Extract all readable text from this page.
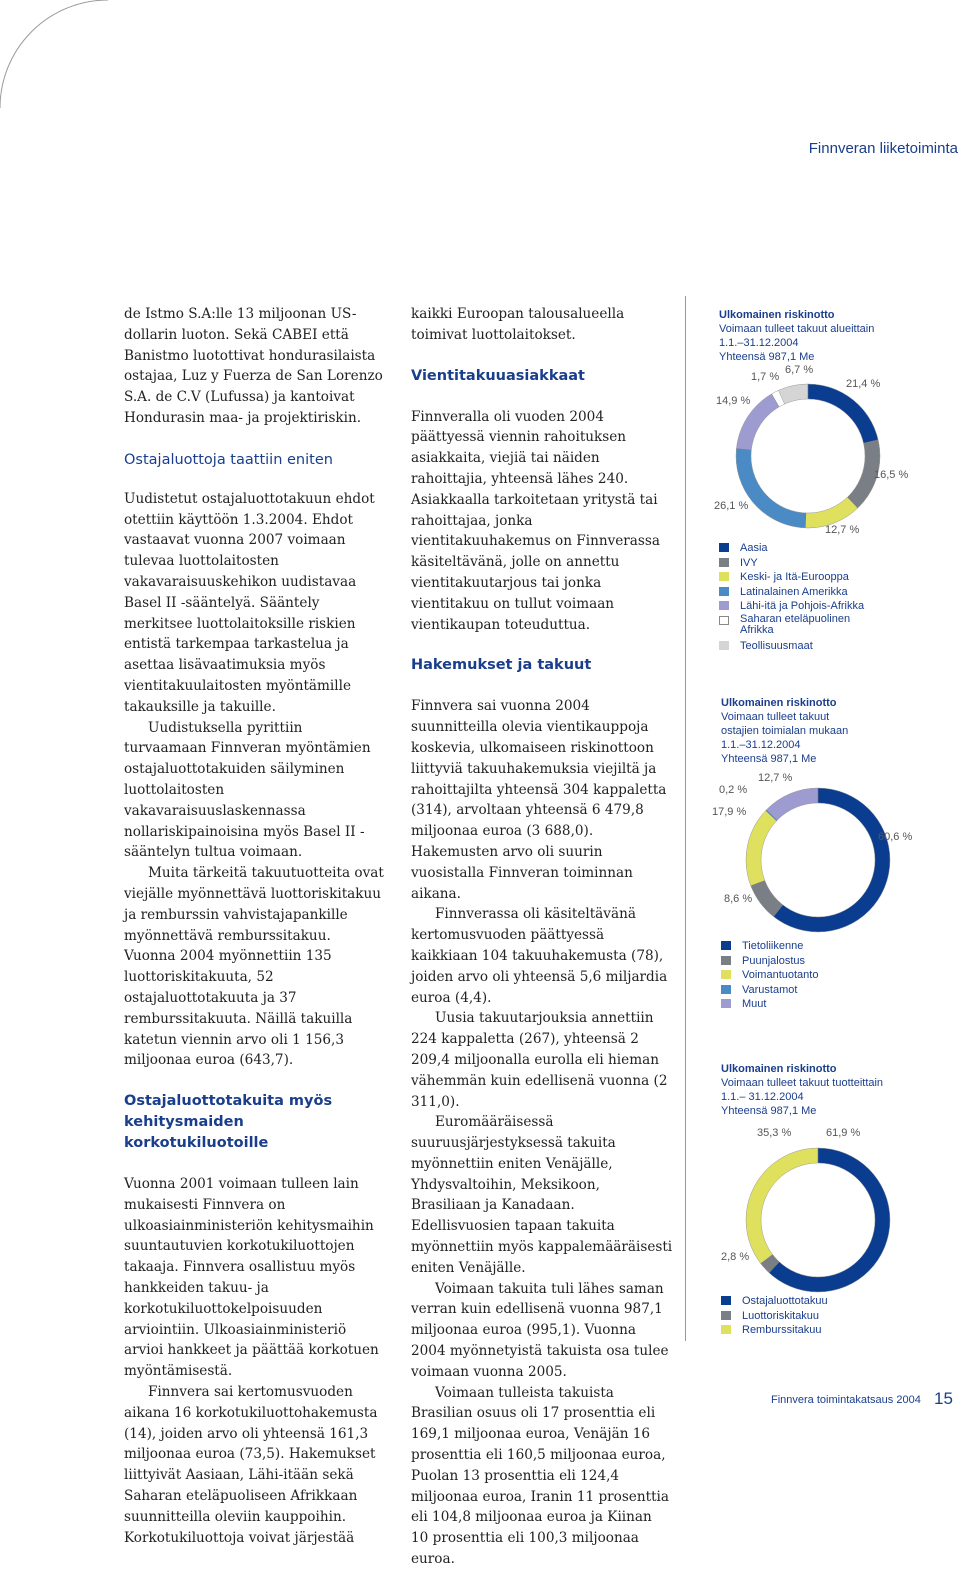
Finnveran liiketoiminta

de Istmo S.A:lle 13 miljoonan US-dollarin luoton. Sekä CABEI että Banistmo luotottivat hondurasilaista ostajaa, Luz y Fuerza de San Lorenzo S.A. de C.V (Lufussa) ja kantoivat Hondurasin maa- ja projektiriskin.

Ostajaluottoja taattiin eniten

Uudistetut ostajaluottotakuun ehdot otettiin käyttöön 1.3.2004. Ehdot vastaavat vuonna 2007 voimaan tulevaa luottolaitosten vakavaraisuuskehikon uudistavaa Basel II -sääntelyä. Sääntely merkitsee luottolaitoksille riskien entistä tarkempaa tarkastelua ja asettaa lisävaatimuksia myös vientitakuulaitosten myöntämille takauksille ja takuille.

Uudistuksella pyrittiin turvaamaan Finnveran myöntämien ostajaluottotakuiden säilyminen luottolaitosten vakavaraisuuslaskennassa nollariskipainoisina myös Basel II -sääntelyn tultua voimaan.

Muita tärkeitä takuutuotteita ovat viejälle myönnettävä luottoriskitakuu ja remburssin vahvistajapankille myönnettävä remburssitakuu. Vuonna 2004 myönnettiin 135 luottoriskitakuuta, 52 ostajaluottotakuuta ja 37 remburssitakuuta. Näillä takuilla katetun viennin arvo oli 1 156,3 miljoonaa euroa (643,7).

Ostajaluottotakuita myös kehitysmaiden korkotukiluotoille

Vuonna 2001 voimaan tulleen lain mukaisesti Finnvera on ulkoasiainministeriön kehitysmaihin suuntautuvien korkotukiluottojen takaaja. Finnvera osallistuu myös hankkeiden takuu- ja korkotukiluottokelpoisuuden arviointiin. Ulkoasiainministeriö arvioi hankkeet ja päättää korkotuen myöntämisestä.

Finnvera sai kertomusvuoden aikana 16 korkotukiluottohakemusta (14), joiden arvo oli yhteensä 161,3 miljoonaa euroa (73,5). Hakemukset liittyivät Aasiaan, Lähi-itään sekä Saharan eteläpuoliseen Afrikkaan suunnitteilla oleviin kauppoihin. Korkotukiluottoja voivat järjestää

kaikki Euroopan talousalueella toimivat luottolaitokset.

Vientitakuuasiakkaat

Finnveralla oli vuoden 2004 päättyessä viennin rahoituksen asiakkaita, viejiä tai näiden rahoittajia, yhteensä lähes 240. Asiakkaalla tarkoitetaan yritystä tai rahoittajaa, jonka vientitakuuhakemus on Finnverassa käsiteltävänä, jolle on annettu vientitakuutarjous tai jonka vientitakuu on tullut voimaan vientikaupan toteuduttua.

Hakemukset ja takuut

Finnvera sai vuonna 2004 suunnitteilla olevia vientikauppoja koskevia, ulkomaiseen riskinottoon liittyviä takuuhakemuksia viejiltä ja rahoittajilta yhteensä 304 kappaletta (314), arvoltaan yhteensä 6 479,8 miljoonaa euroa (3 688,0). Hakemusten arvo oli suurin vuosistalla Finnveran toiminnan aikana.

Finnverassa oli käsiteltävänä kertomusvuoden päättyessä kaikkiaan 104 takuuhakemusta (78), joiden arvo oli yhteensä 5,6 miljardia euroa (4,4).

Uusia takuutarjouksia annettiin 224 kappaletta (267), yhteensä 2 209,4 miljoonalla eurolla eli hieman vähemmän kuin edellisenä vuonna (2 311,0).

Euromääräisessä suuruusjärjestyksessä takuita myönnettiin eniten Venäjälle, Yhdysvaltoihin, Meksikoon, Brasiliaan ja Kanadaan. Edellisvuosien tapaan takuita myönnettiin myös kappalemääräisesti eniten Venäjälle.

Voimaan takuita tuli lähes saman verran kuin edellisenä vuonna 987,1 miljoonaa euroa (995,1). Vuonna 2004 myönnetyistä takuista osa tulee voimaan vuonna 2005.

Voimaan tulleista takuista Brasilian osuus oli 17 prosenttia eli 169,1 miljoonaa euroa, Venäjän 16 prosenttia eli 160,5 miljoonaa euroa, Puolan 13 prosenttia eli 124,4 miljoonaa euroa, Iranin 11 prosenttia eli 104,8 miljoonaa euroa ja Kiinan 10 prosenttia eli 100,3 miljoonaa euroa.

Ulkomainen riskinotto
Voimaan tulleet takuut alueittain
1.1.–31.12.2004
Yhteensä 987,1 Me
21,4 %
16,5 %
12,7 %
26,1 %
14,9 %
1,7 %
6,7 %
Aasia
IVY
Keski- ja Itä-Eurooppa
Latinalainen Amerikka
Lähi-itä ja Pohjois-Afrikka
Saharan eteläpuolinen Afrikka
Teollisuusmaat
Ulkomainen riskinotto
Voimaan tulleet takuut
ostajien toimialan mukaan
1.1.–31.12.2004
Yhteensä 987,1 Me
60,6 %
8,6 %
17,9 %
0,2 %
12,7 %
Tietoliikenne
Puunjalostus
Voimantuotanto
Varustamot
Muut
Ulkomainen riskinotto
Voimaan tulleet takuut tuotteittain
1.1.– 31.12.2004
Yhteensä 987,1 Me
61,9 %
2,8 %
35,3 %
Ostajaluottotakuu
Luottoriskitakuu
Remburssitakuu
Finnvera toimintakatsaus 2004 15
